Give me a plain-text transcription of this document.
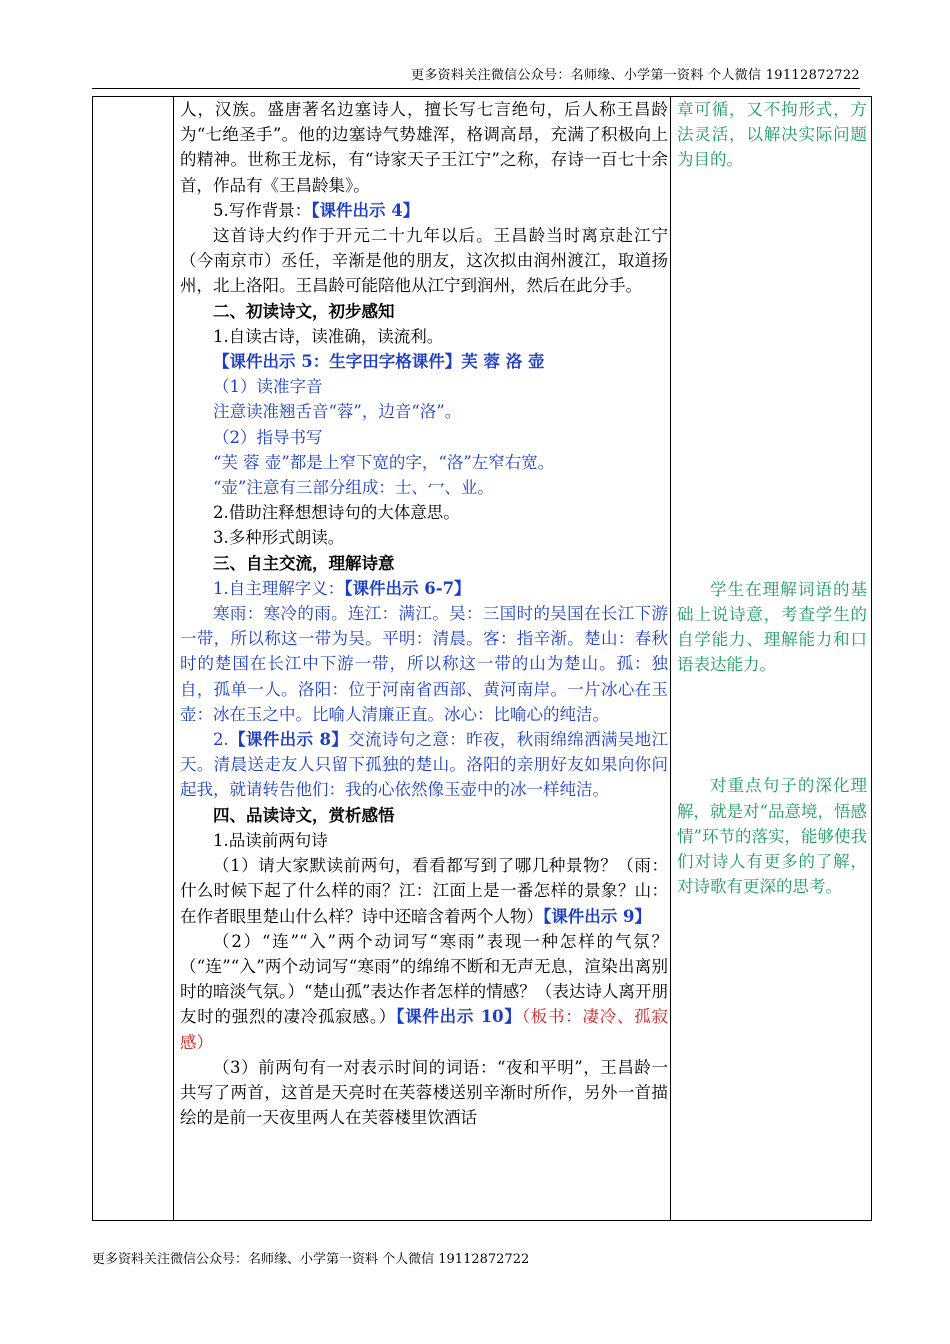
更多资料关注微信公众号：名师缘、小学第一资料 个人微信 19112872722

人，汉族。盛唐著名边塞诗人，擅长写七言绝句，后人称王昌龄为“七绝圣手”。他的边塞诗气势雄浑，格调高昂，充满了积极向上的精神。世称王龙标，有“诗家天子王江宁”之称，存诗一百七十余首，作品有《王昌龄集》。

5.写作背景：【课件出示 4】

这首诗大约作于开元二十九年以后。王昌龄当时离京赴江宁（今南京市）丞任，辛渐是他的朋友，这次拟由润州渡江，取道扬州，北上洛阳。王昌龄可能陪他从江宁到润州，然后在此分手。

二、初读诗文，初步感知

1.自读古诗，读准确，读流利。

【课件出示 5：生字田字格课件】芙 蓉 洛 壶

（1）读准字音

注意读准翘舌音“蓉”，边音“洛”。

（2）指导书写

“芙 蓉 壶”都是上窄下宽的字，“洛”左窄右宽。

“壶”注意有三部分组成：士、冖、业。

2.借助注释想想诗句的大体意思。

3.多种形式朗读。

三、自主交流，理解诗意

1.自主理解字义：【课件出示 6-7】

寒雨：寒冷的雨。连江：满江。吴：三国时的吴国在长江下游一带，所以称这一带为吴。平明：清晨。客：指辛渐。楚山：春秋时的楚国在长江中下游一带，所以称这一带的山为楚山。孤：独自，孤单一人。洛阳：位于河南省西部、黄河南岸。一片冰心在玉壶：冰在玉之中。比喻人清廉正直。冰心：比喻心的纯洁。

2.【课件出示 8】交流诗句之意：昨夜，秋雨绵绵洒满吴地江天。清晨送走友人只留下孤独的楚山。洛阳的亲朋好友如果向你问起我，就请转告他们：我的心依然像玉壶中的冰一样纯洁。

四、品读诗文，赏析感悟

1.品读前两句诗

（1）请大家默读前两句，看看都写到了哪几种景物？（雨：什么时候下起了什么样的雨？江：江面上是一番怎样的景象？山：在作者眼里楚山什么样？诗中还暗含着两个人物）【课件出示 9】

（2）“连”“入”两个动词写“寒雨”表现一种怎样的气氛？（“连”“入”两个动词写“寒雨”的绵绵不断和无声无息，渲染出离别时的暗淡气氛。）“楚山孤”表达作者怎样的情感？（表达诗人离开朋友时的强烈的凄冷孤寂感。）【课件出示 10】（板书：凄冷、孤寂感）

（3）前两句有一对表示时间的词语：“夜和平明”，王昌龄一共写了两首，这首是天亮时在芙蓉楼送别辛渐时所作，另外一首描绘的是前一天夜里两人在芙蓉楼里饮酒话

章可循，又不拘形式，方法灵活，以解决实际问题为目的。

学生在理解词语的基础上说诗意，考查学生的自学能力、理解能力和口语表达能力。

对重点句子的深化理解，就是对“品意境，悟感情”环节的落实，能够使我们对诗人有更多的了解，对诗歌有更深的思考。

更多资料关注微信公众号：名师缘、小学第一资料 个人微信 19112872722
